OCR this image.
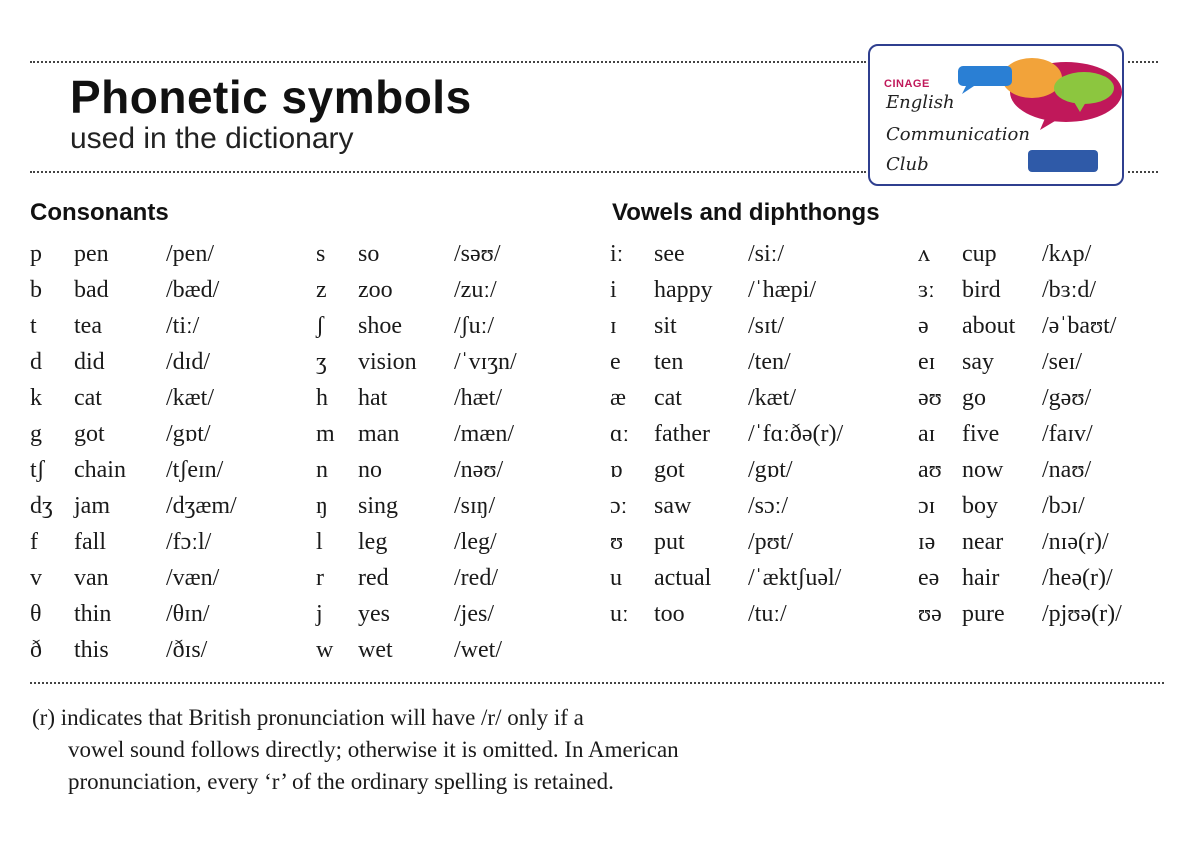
Phonetic symbols
used in the dictionary
CINAGE
English
Communication
Club
Consonants	Vowels and diphthongs
p pen /pen/
b bad /bæd/
t tea	/tiː/
d did	/dɪd/
k cat	/kæt/
g got	/gɒt/
tʃ chain /tʃeɪn/
dʒ jam /dʒæm/
f fall	/fɔːl/
v van /væn/
θ thin /θɪn/
ð this /ðɪs/
s so	/səʊ/
z zoo	/zuː/
ʃ shoe /ʃuː/
ʒ vision /ˈvɪʒn/
h hat	/hæt/
m man /mæn/
n no	/nəʊ/
ŋ sing /sɪŋ/
l leg	/leg/
r red	/red/
j yes	/jes/
w wet	/wet/
iː see	/siː/
i happy /ˈhæpi/
ɪ sit	/sɪt/
e ten	/ten/
æ cat	/kæt/
ɑː father /ˈfɑːðə(r)/
ɒ got	/gɒt/
ɔː saw /sɔː/
ʊ put	/pʊt/
u actual /ˈæktʃuəl/
uː too	/tuː/
ʌ cup /kʌp/
ɜː bird /bɜːd/
ə about /əˈbaʊt/
eɪ say /seɪ/
əʊ go /gəʊ/
aɪ five /faɪv/
aʊ now /naʊ/
ɔɪ boy /bɔɪ/
ɪə near /nɪə(r)/
eə hair /heə(r)/
ʊə pure /pjʊə(r)/
(r) indicates that British pronunciation will have /r/ only if a
vowel sound follows directly; otherwise it is omitted. In American
pronunciation, every ‘r’ of the ordinary spelling is retained.
